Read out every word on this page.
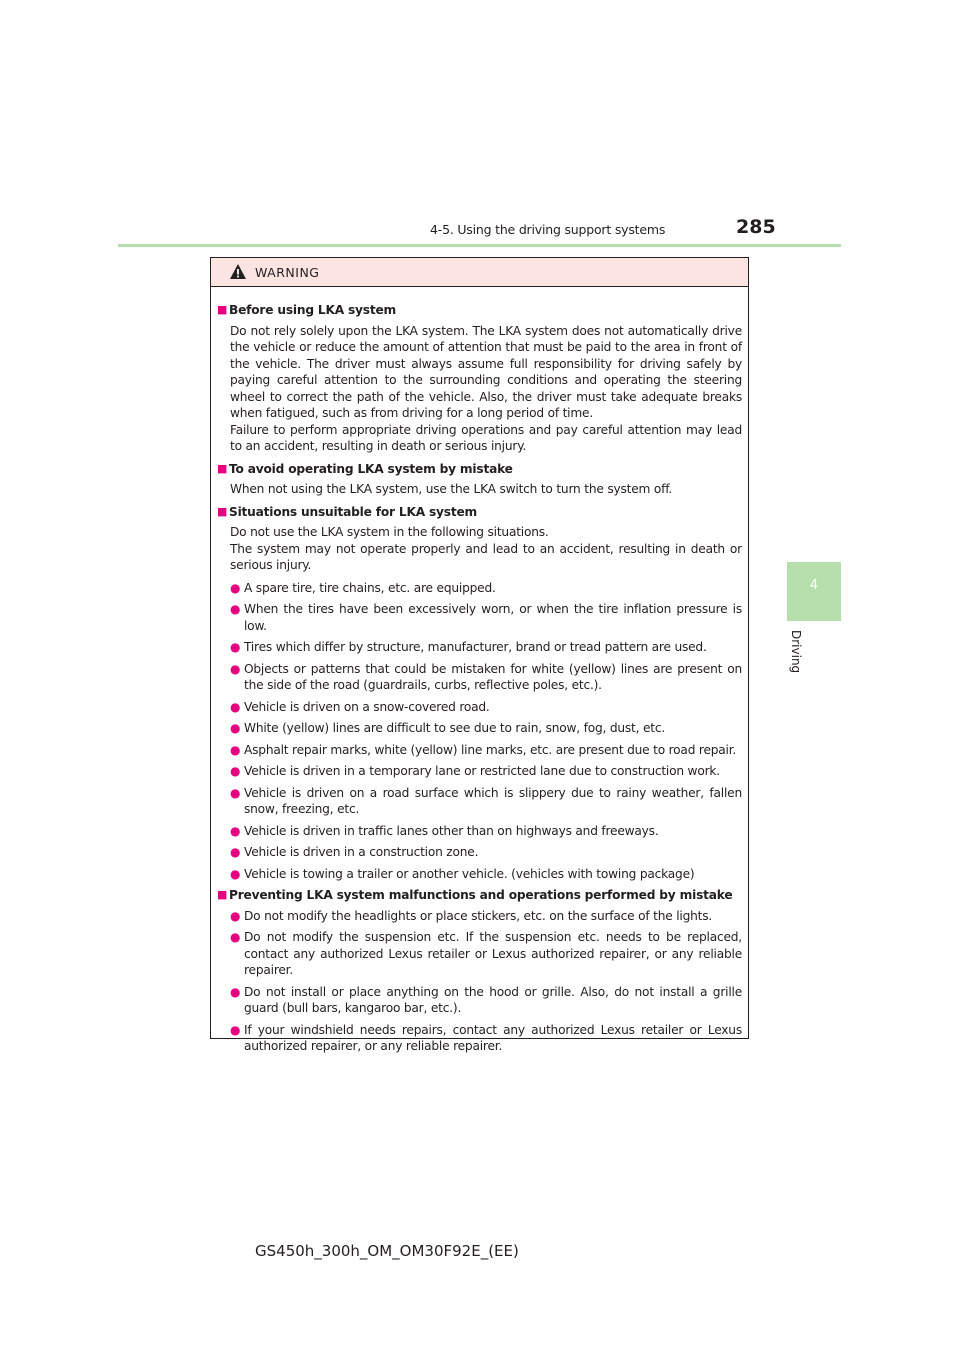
4-5. Using the driving support systems	285
4
Driving
WARNING
■ Before using LKA system
Do not rely solely upon the LKA system. The LKA system does not automatically drive the vehicle or reduce the amount of attention that must be paid to the area in front of the vehicle. The driver must always assume full responsibility for driving safely by paying careful attention to the surrounding conditions and operating the steering wheel to correct the path of the vehicle. Also, the driver must take adequate breaks when fatigued, such as from driving for a long period of time.
Failure to perform appropriate driving operations and pay careful attention may lead to an accident, resulting in death or serious injury.
■ To avoid operating LKA system by mistake
When not using the LKA system, use the LKA switch to turn the system off.
■ Situations unsuitable for LKA system
Do not use the LKA system in the following situations.
The system may not operate properly and lead to an accident, resulting in death or serious injury.
● A spare tire, tire chains, etc. are equipped.
● When the tires have been excessively worn, or when the tire inflation pressure is low.
● Tires which differ by structure, manufacturer, brand or tread pattern are used.
● Objects or patterns that could be mistaken for white (yellow) lines are present on the side of the road (guardrails, curbs, reflective poles, etc.).
● Vehicle is driven on a snow-covered road.
● White (yellow) lines are difficult to see due to rain, snow, fog, dust, etc.
● Asphalt repair marks, white (yellow) line marks, etc. are present due to road repair.
● Vehicle is driven in a temporary lane or restricted lane due to construction work.
● Vehicle is driven on a road surface which is slippery due to rainy weather, fallen snow, freezing, etc.
● Vehicle is driven in traffic lanes other than on highways and freeways.
● Vehicle is driven in a construction zone.
● Vehicle is towing a trailer or another vehicle. (vehicles with towing package)
■ Preventing LKA system malfunctions and operations performed by mistake
● Do not modify the headlights or place stickers, etc. on the surface of the lights.
● Do not modify the suspension etc. If the suspension etc. needs to be replaced, contact any authorized Lexus retailer or Lexus authorized repairer, or any reliable repairer.
● Do not install or place anything on the hood or grille. Also, do not install a grille guard (bull bars, kangaroo bar, etc.).
● If your windshield needs repairs, contact any authorized Lexus retailer or Lexus authorized repairer, or any reliable repairer.
GS450h_300h_OM_OM30F92E_(EE)
